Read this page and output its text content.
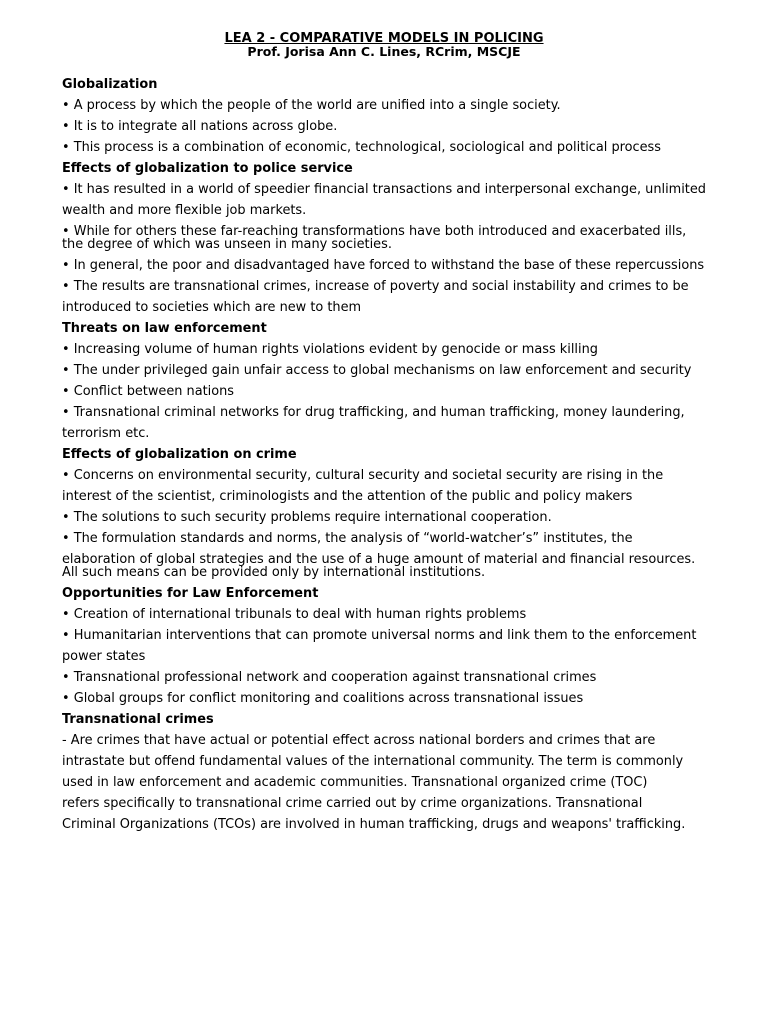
LEA 2 - COMPARATIVE MODELS IN POLICING
Prof. Jorisa Ann C. Lines, RCrim, MSCJE

Globalization

• A process by which the people of the world are unified into a single society.

• It is to integrate all nations across globe.

• This process is a combination of economic, technological, sociological and political process

Effects of globalization to police service

• It has resulted in a world of speedier financial transactions and interpersonal exchange, unlimited

wealth and more flexible job markets.

• While for others these far-reaching transformations have both introduced and exacerbated ills, the degree of which was unseen in many societies.

• In general, the poor and disadvantaged have forced to withstand the base of these repercussions

• The results are transnational crimes, increase of poverty and social instability and crimes to be

introduced to societies which are new to them

Threats on law enforcement

• Increasing volume of human rights violations evident by genocide or mass killing

• The under privileged gain unfair access to global mechanisms on law enforcement and security

• Conflict between nations

• Transnational criminal networks for drug trafficking, and human trafficking, money laundering,

terrorism etc.

Effects of globalization on crime

• Concerns on environmental security, cultural security and societal security are rising in the

interest of the scientist, criminologists and the attention of the public and policy makers

• The solutions to such security problems require international cooperation.

• The formulation standards and norms, the analysis of “world-watcher’s” institutes, the

elaboration of global strategies and the use of a huge amount of material and financial resources. All such means can be provided only by international institutions.

Opportunities for Law Enforcement

• Creation of international tribunals to deal with human rights problems

• Humanitarian interventions that can promote universal norms and link them to the enforcement

power states

• Transnational professional network and cooperation against transnational crimes

• Global groups for conflict monitoring and coalitions across transnational issues

Transnational crimes

- Are crimes that have actual or potential effect across national borders and crimes that are

intrastate but offend fundamental values of the international community. The term is commonly

used in law enforcement and academic communities. Transnational organized crime (TOC)

refers specifically to transnational crime carried out by crime organizations. Transnational

Criminal Organizations (TCOs) are involved in human trafficking, drugs and weapons' trafficking.
